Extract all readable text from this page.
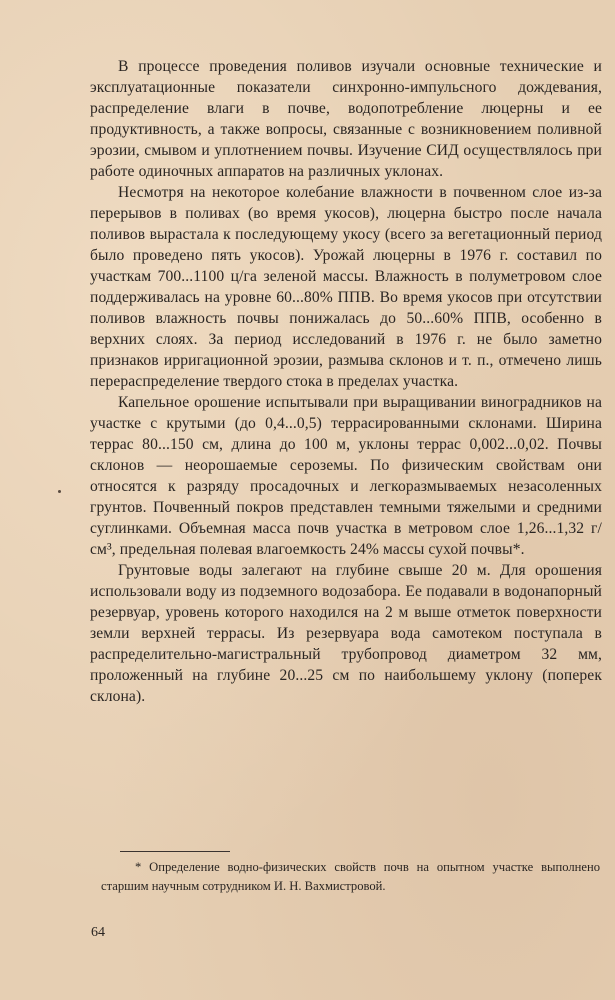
В процессе проведения поливов изучали основные технические и эксплуатационные показатели синхронно-импульсного дождевания, распределение влаги в почве, водопотребление люцерны и ее продуктивность, а также вопросы, связанные с возникновением поливной эрозии, смывом и уплотнением почвы. Изучение СИД осуществлялось при работе одиночных аппаратов на различных уклонах.

Несмотря на некоторое колебание влажности в почвенном слое из-за перерывов в поливах (во время укосов), люцерна быстро после начала поливов вырастала к последующему укосу (всего за вегетационный период было проведено пять укосов). Урожай люцерны в 1976 г. составил по участкам 700...1100 ц/га зеленой массы. Влажность в полуметровом слое поддерживалась на уровне 60...80% ППВ. Во время укосов при отсутствии поливов влажность почвы понижалась до 50...60% ППВ, особенно в верхних слоях. За период исследований в 1976 г. не было заметно признаков ирригационной эрозии, размыва склонов и т. п., отмечено лишь перераспределение твердого стока в пределах участка.

Капельное орошение испытывали при выращивании виноградников на участке с крутыми (до 0,4...0,5) террасированными склонами. Ширина террас 80...150 см, длина до 100 м, уклоны террас 0,002...0,02. Почвы склонов — неорошаемые сероземы. По физическим свойствам они относятся к разряду просадочных и легкоразмываемых незасоленных грунтов. Почвенный покров представлен темными тяжелыми и средними суглинками. Объемная масса почв участка в метровом слое 1,26...1,32 г/см³, предельная полевая влагоемкость 24% массы сухой почвы*.

Грунтовые воды залегают на глубине свыше 20 м. Для орошения использовали воду из подземного водозабора. Ее подавали в водонапорный резервуар, уровень которого находился на 2 м выше отметок поверхности земли верхней террасы. Из резервуара вода самотеком поступала в распределительно-магистральный трубопровод диаметром 32 мм, проложенный на глубине 20...25 см по наибольшему уклону (поперек склона).

* Определение водно-физических свойств почв на опытном участке выполнено старшим научным сотрудником И. Н. Вахмистровой.

64
